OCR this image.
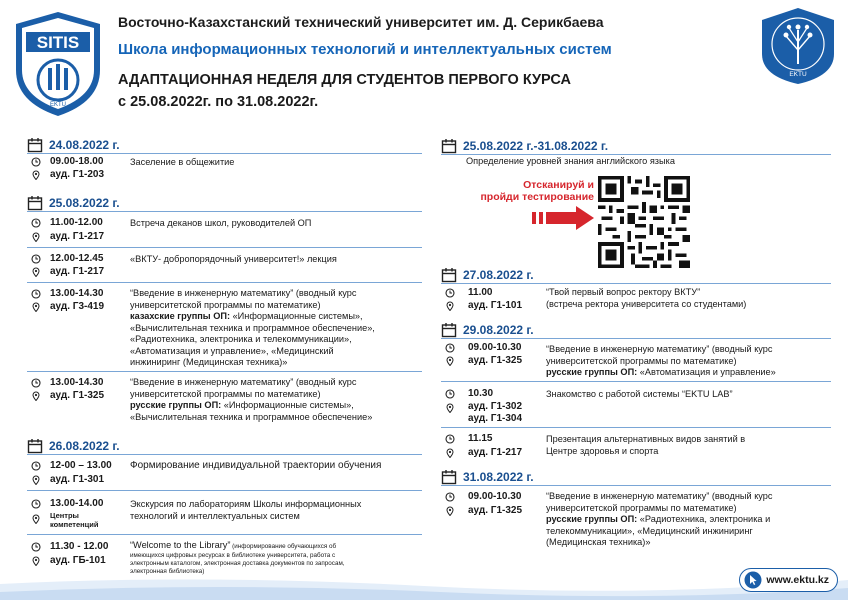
SITIS
EKTU
Восточно-Казахстанский технический университет им. Д. Серикбаева
Школа информационных технологий и интеллектуальных систем
АДАПТАЦИОННАЯ НЕДЕЛЯ ДЛЯ СТУДЕНТОВ ПЕРВОГО КУРСА
с 25.08.2022г. по 31.08.2022г.
EKTU
24.08.2022 г.
09.00-18.00
ауд. Г1-203
Заселение в общежитие
25.08.2022 г.
11.00-12.00
ауд. Г1-217
Встреча деканов школ, руководителей ОП
12.00-12.45
ауд. Г1-217
«ВКТУ- добропорядочный университет!» лекция
13.00-14.30
ауд. Г3-419
“Введение в инженерную математику” (вводный курс
университетской программы по математике)
казахские группы ОП: «Информационные системы»,
«Вычислительная техника и программное обеспечение»,
«Радиотехника, электроника и телекоммуникации»,
«Автоматизация и управление», «Медицинский
инжиниринг (Медицинская техника)»
13.00-14.30
ауд. Г1-325
“Введение в инженерную математику” (вводный курс
университетской программы по математике)
русские группы ОП: «Информационные системы»,
«Вычислительная техника и программное обеспечение»
26.08.2022 г.
12-00 – 13.00
ауд. Г1-301
Формирование индивидуальной траектории обучения
13.00-14.00
Центры компетенций
Экскурсия по лабораториям Школы информационных
технологий и интеллектуальных систем
11.30 - 12.00
ауд. ГБ-101
“Welcome to the Library” (информирование обучающихся об
имеющихся цифровых ресурсах в библиотеке университета, работа с
электронным каталогом, электронная доставка документов по запросам,
электронная библиотека)
25.08.2022 г.-31.08.2022 г.
Определение уровней знания английского языка
Отсканируй и
пройди тестирование
27.08.2022 г.
11.00
ауд. Г1-101
“Твой первый вопрос ректору ВКТУ”
(встреча ректора университета со студентами)
29.08.2022 г.
09.00-10.30
ауд. Г1-325
“Введение в инженерную математику” (вводный курс
университетской программы по математике)
русские группы ОП: «Автоматизация и управление»
10.30
ауд. Г1-302
ауд. Г1-304
Знакомство с работой системы “EKTU LAB”
11.15
ауд. Г1-217
Презентация альтернативных видов занятий в
Центре здоровья и спорта
31.08.2022 г.
09.00-10.30
ауд. Г1-325
“Введение в инженерную математику” (вводный курс
университетской программы по математике)
русские группы ОП: «Радиотехника, электроника и
телекоммуникации», «Медицинский инжиниринг
(Медицинская техника)»
www.ektu.kz
